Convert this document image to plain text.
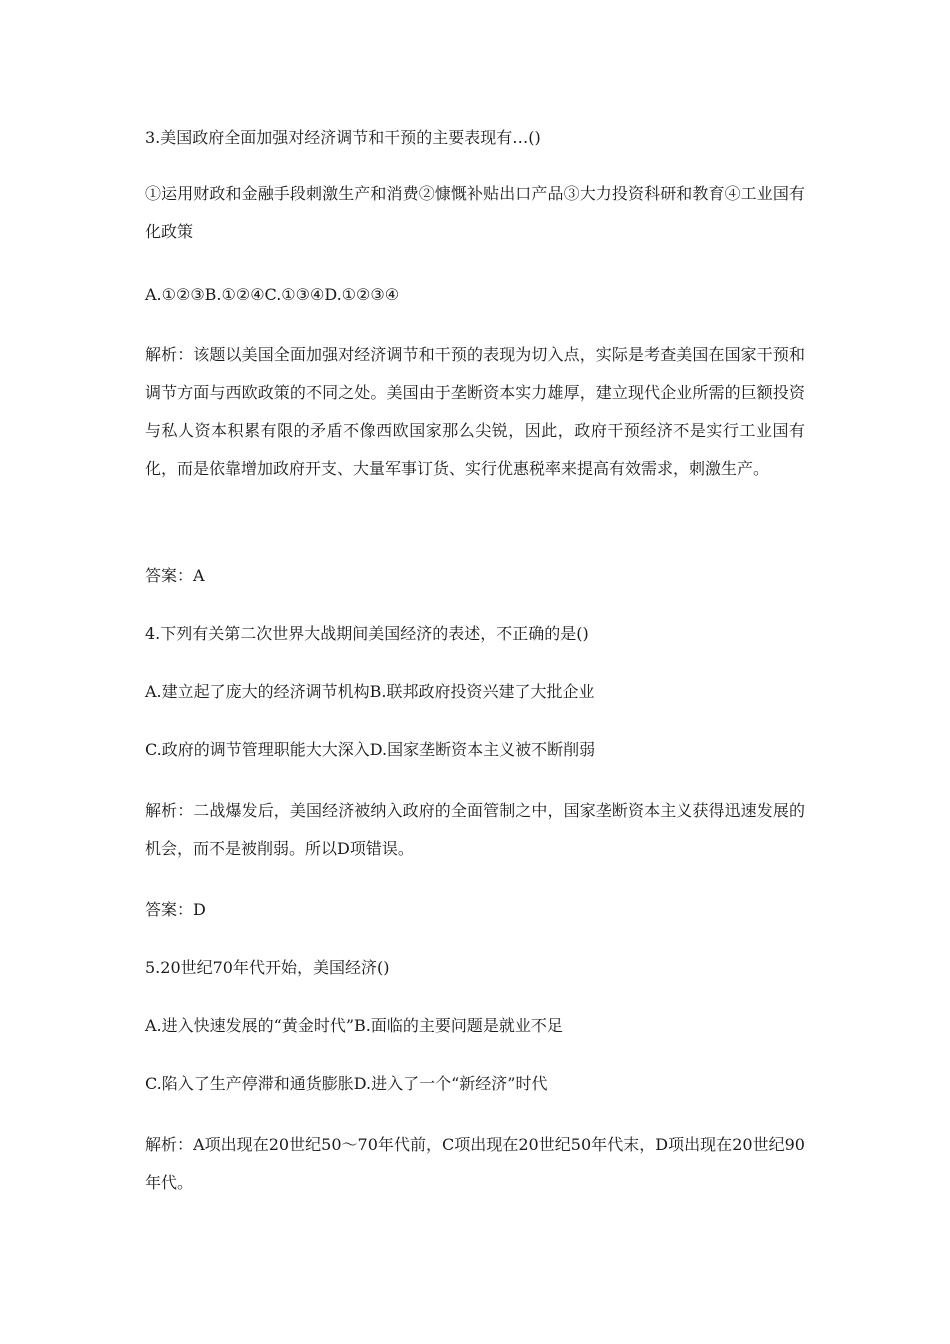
3.美国政府全面加强对经济调节和干预的主要表现有…()
①运用财政和金融手段刺激生产和消费②慷慨补贴出口产品③大力投资科研和教育④工业国有化政策
A.①②③B.①②④C.①③④D.①②③④
解析：该题以美国全面加强对经济调节和干预的表现为切入点，实际是考查美国在国家干预和调节方面与西欧政策的不同之处。美国由于垄断资本实力雄厚，建立现代企业所需的巨额投资与私人资本积累有限的矛盾不像西欧国家那么尖锐，因此，政府干预经济不是实行工业国有化，而是依靠增加政府开支、大量军事订货、实行优惠税率来提高有效需求，刺激生产。
答案：A
4.下列有关第二次世界大战期间美国经济的表述，不正确的是()
A.建立起了庞大的经济调节机构B.联邦政府投资兴建了大批企业
C.政府的调节管理职能大大深入D.国家垄断资本主义被不断削弱
解析：二战爆发后，美国经济被纳入政府的全面管制之中，国家垄断资本主义获得迅速发展的机会，而不是被削弱。所以D项错误。
答案：D
5.20世纪70年代开始，美国经济()
A.进入快速发展的“黄金时代”B.面临的主要问题是就业不足
C.陷入了生产停滞和通货膨胀D.进入了一个“新经济”时代
解析：A项出现在20世纪50～70年代前，C项出现在20世纪50年代末，D项出现在20世纪90年代。
